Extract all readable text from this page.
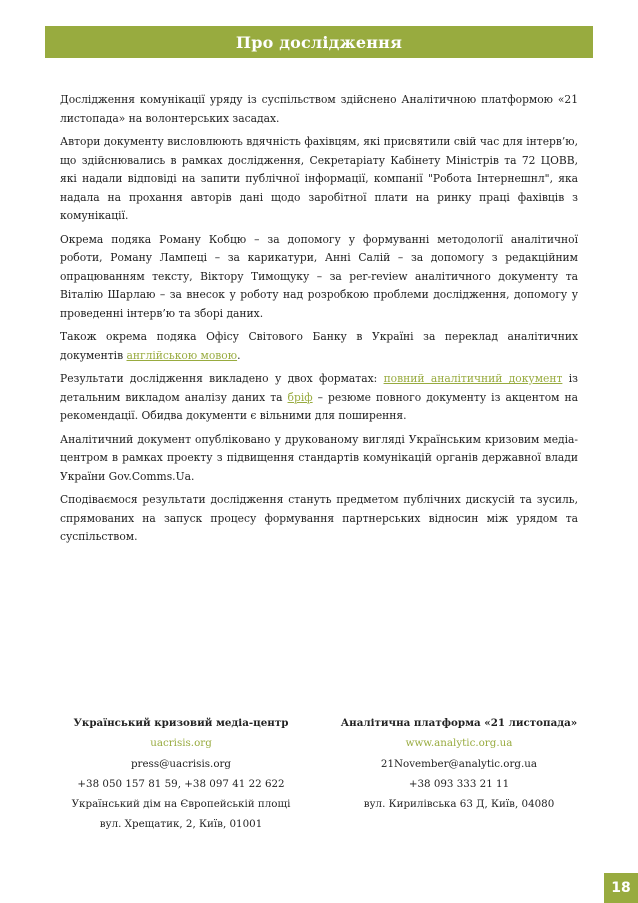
Про дослідження

Дослідження комунікації уряду із суспільством здійснено Аналітичною платформою «21 листопада» на волонтерських засадах.

Автори документу висловлюють вдячність фахівцям, які присвятили свій час для інтерв’ю, що здійснювались в рамках дослідження, Секретаріату Кабінету Міністрів та 72 ЦОВВ, які надали відповіді на запити публічної інформації, компанії "Робота Інтернешнл", яка надала на прохання авторів дані щодо заробітної плати на ринку праці фахівців з комунікації.

Окрема подяка Роману Кобцю – за допомогу у формуванні методології аналітичної роботи, Роману Лампеці – за карикатури, Анні Салій – за допомогу з редакційним опрацюванням тексту, Віктору Тимощуку – за per-review аналітичного документу та Віталію Шарлаю – за внесок у роботу над розробкою проблеми дослідження, допомогу у проведенні інтерв’ю та зборі даних.

Також окрема подяка Офісу Світового Банку в Україні за переклад аналітичних документів англійською мовою.

Результати дослідження викладено у двох форматах: повний аналітичний документ із детальним викладом аналізу даних та бріф – резюме повного документу із акцентом на рекомендації. Обидва документи є вільними для поширення.

Аналітичний документ опубліковано у друкованому вигляді Українським кризовим медіа-центром в рамках проекту з підвищення стандартів комунікацій органів державної влади України Gov.Comms.Ua.

Сподіваємося результати дослідження стануть предметом публічних дискусій та зусиль, спрямованих на запуск процесу формування партнерських відносин між урядом та суспільством.

Український кризовий медіа-центр
uacrisis.org
press@uacrisis.org
+38 050 157 81 59, +38 097 41 22 622
Український дім на Європейській площі
вул. Хрещатик, 2, Київ, 01001
Аналітична платформа «21 листопада»
www.analytic.org.ua
21November@analytic.org.ua
+38 093 333 21 11
вул. Кирилівська 63 Д, Київ, 04080
18
